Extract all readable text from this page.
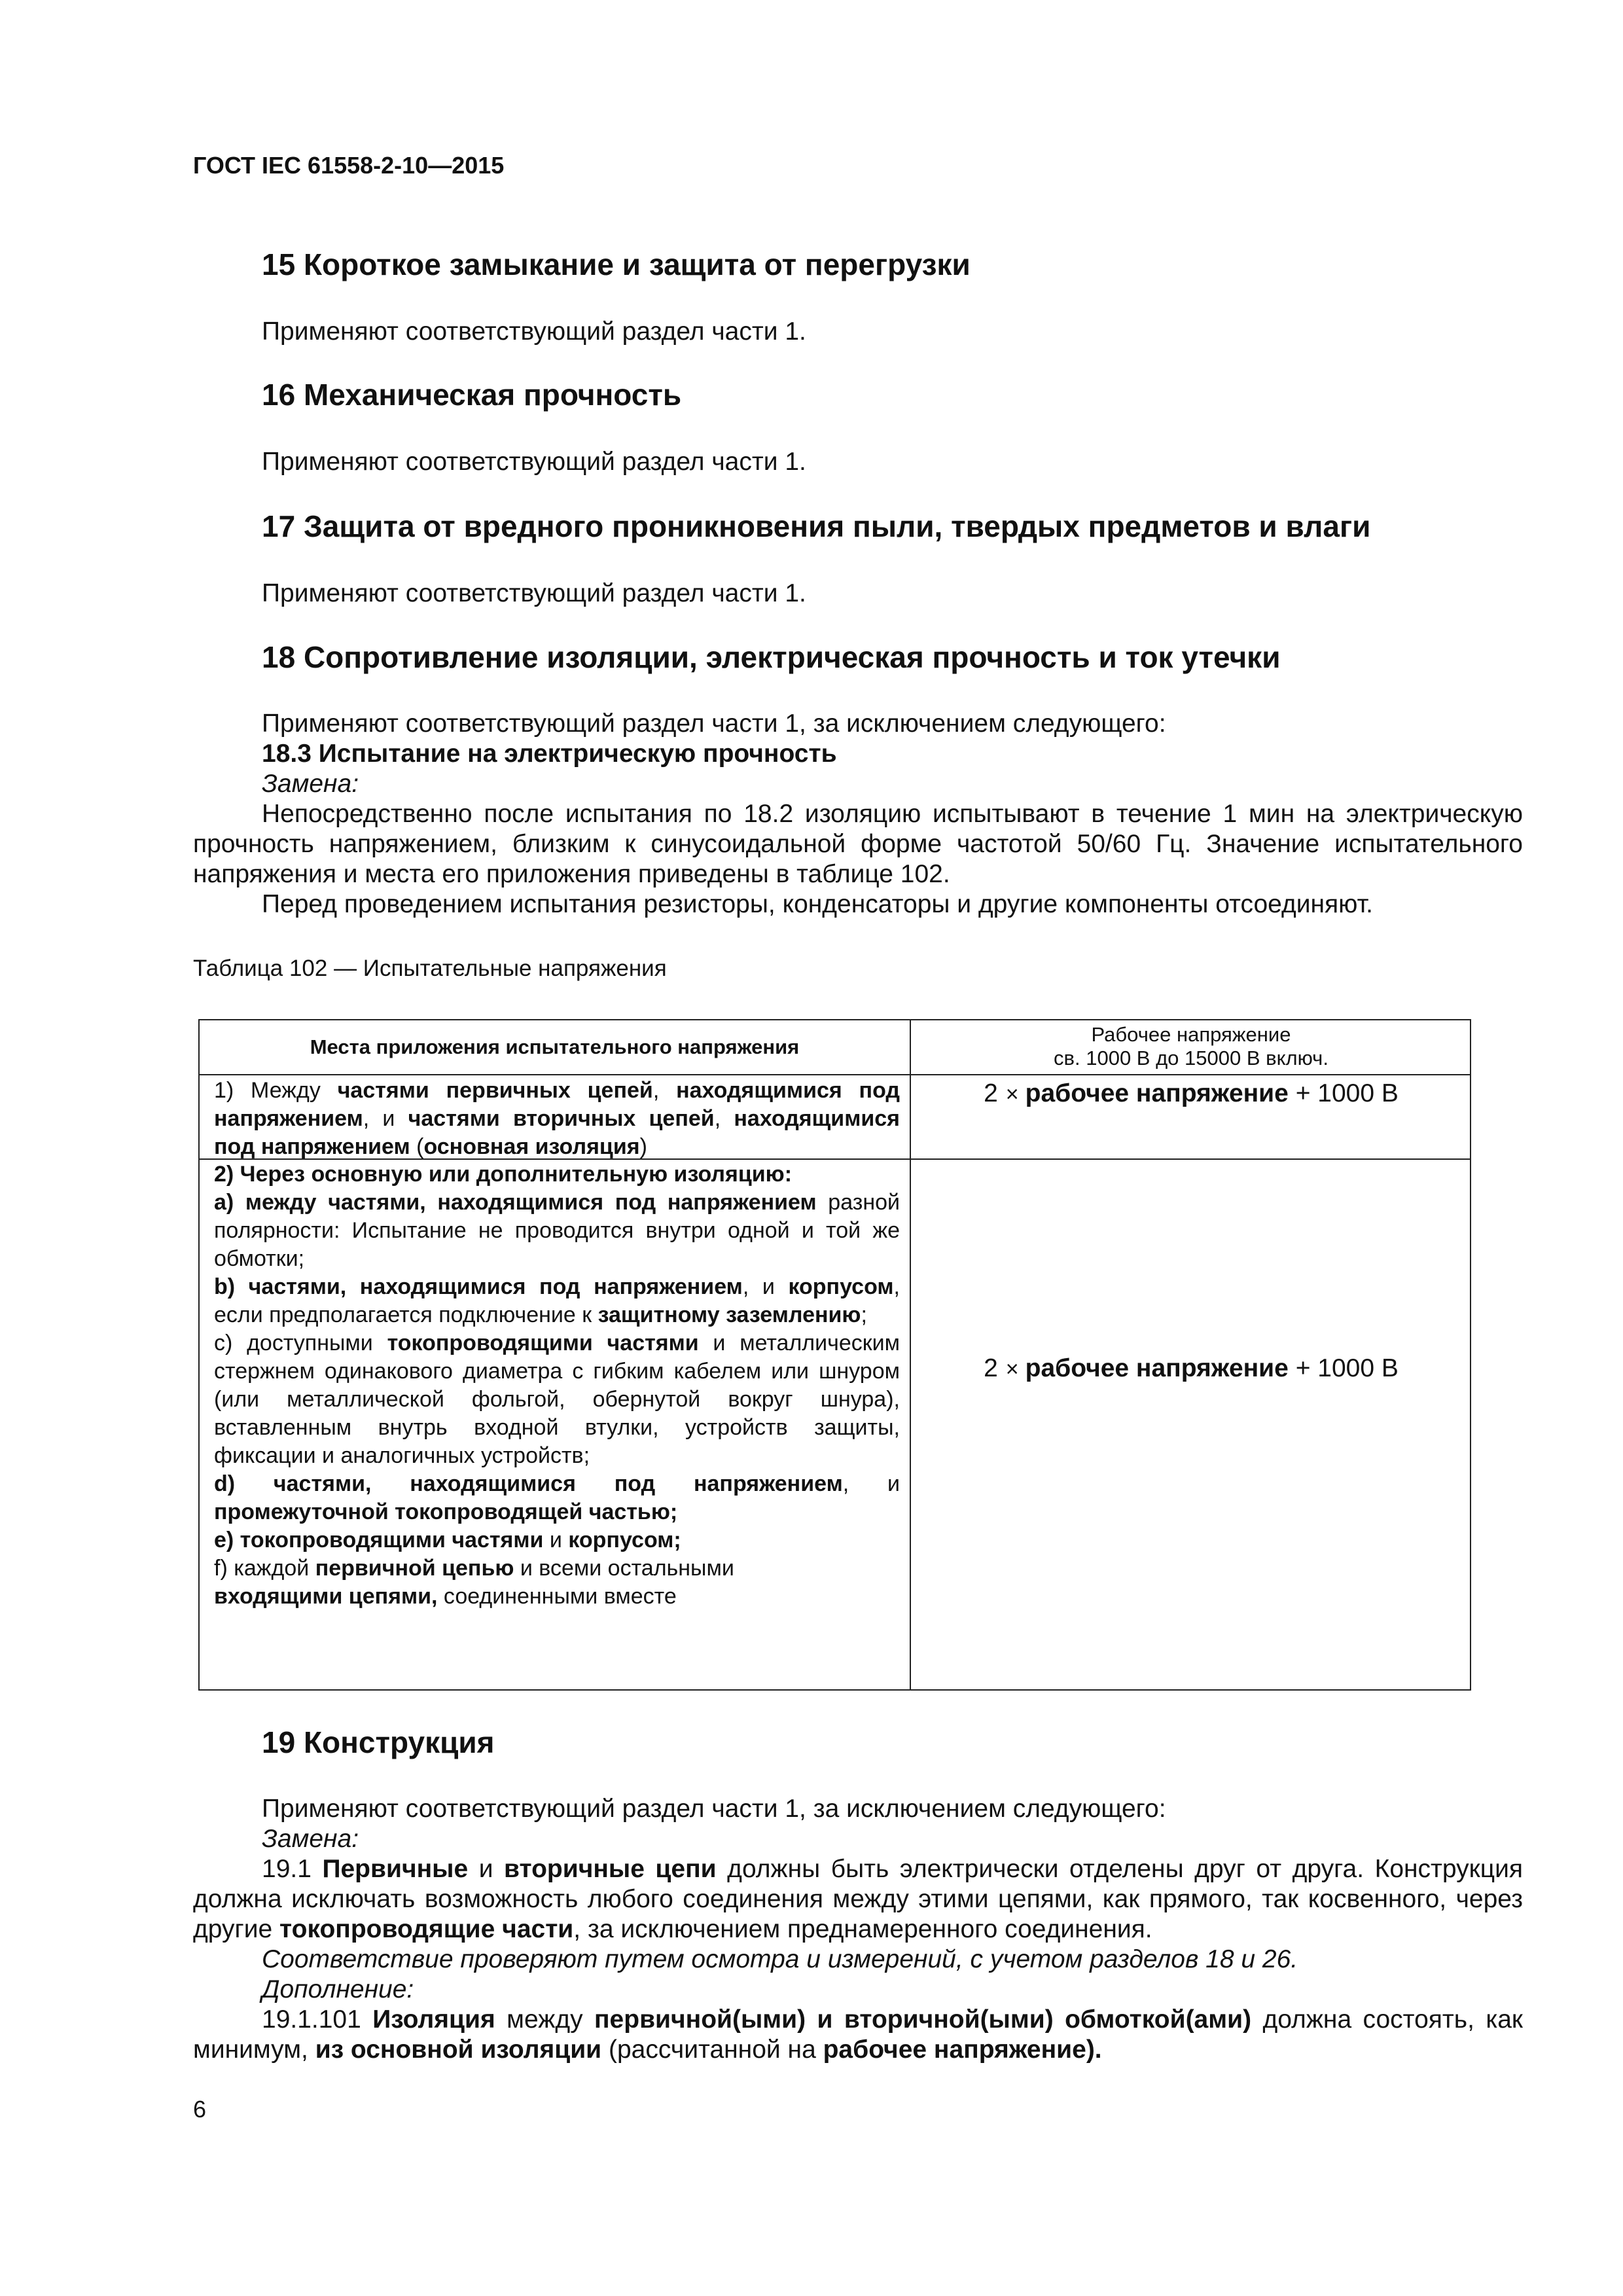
ГОСТ IEC 61558-2-10—2015
15 Короткое замыкание и защита от перегрузки
Применяют соответствующий раздел части 1.
16 Механическая прочность
Применяют соответствующий раздел части 1.
17 Защита от вредного проникновения пыли, твердых предметов и влаги
Применяют соответствующий раздел части 1.
18 Сопротивление изоляции, электрическая прочность и ток утечки
Применяют соответствующий раздел части 1, за исключением следующего:
18.3 Испытание на электрическую прочность
Замена:
Непосредственно после испытания по 18.2 изоляцию испытывают в течение 1 мин на электрическую прочность напряжением, близким к синусоидальной форме частотой 50/60 Гц. Значение испытательного напряжения и места его приложения приведены в таблице 102.
Перед проведением испытания резисторы, конденсаторы и другие компоненты отсоединяют.
Таблица 102 — Испытательные напряжения
Места приложения испытательного напряжения
Рабочее напряжение
св. 1000 В до 15000 В включ.
1) Между частями первичных цепей, находящимися под напряжением, и частями вторичных цепей, находящимися под напряжением (основная изоляция)
2 × рабочее напряжение + 1000 В
2) Через основную или дополнительную изоляцию:
а) между частями, находящимися под напряжением разной полярности: Испытание не проводится внутри одной и той же обмотки;
b) частями, находящимися под напряжением, и корпусом, если предполагается подключение к защитному заземлению;
с) доступными токопроводящими частями и металлическим стержнем одинакового диаметра с гибким кабелем или шнуром (или металлической фольгой, обернутой вокруг шнура), вставленным внутрь входной втулки, устройств защиты, фиксации и аналогичных устройств;
d) частями, находящимися под напряжением, и промежуточной токопроводящей частью;
е) токопроводящими частями и корпусом;
f) каждой первичной цепью и всеми остальными
входящими цепями, соединенными вместе
2 × рабочее напряжение + 1000 В
19 Конструкция
Применяют соответствующий раздел части 1, за исключением следующего:
Замена:
19.1 Первичные и вторичные цепи должны быть электрически отделены друг от друга. Конструкция должна исключать возможность любого соединения между этими цепями, как прямого, так косвенного, через другие токопроводящие части, за исключением преднамеренного соединения.
Соответствие проверяют путем осмотра и измерений, с учетом разделов 18 и 26.
Дополнение:
19.1.101 Изоляция между первичной(ыми) и вторичной(ыми) обмоткой(ами) должна состоять, как минимум, из основной изоляции (рассчитанной на рабочее напряжение).
6
